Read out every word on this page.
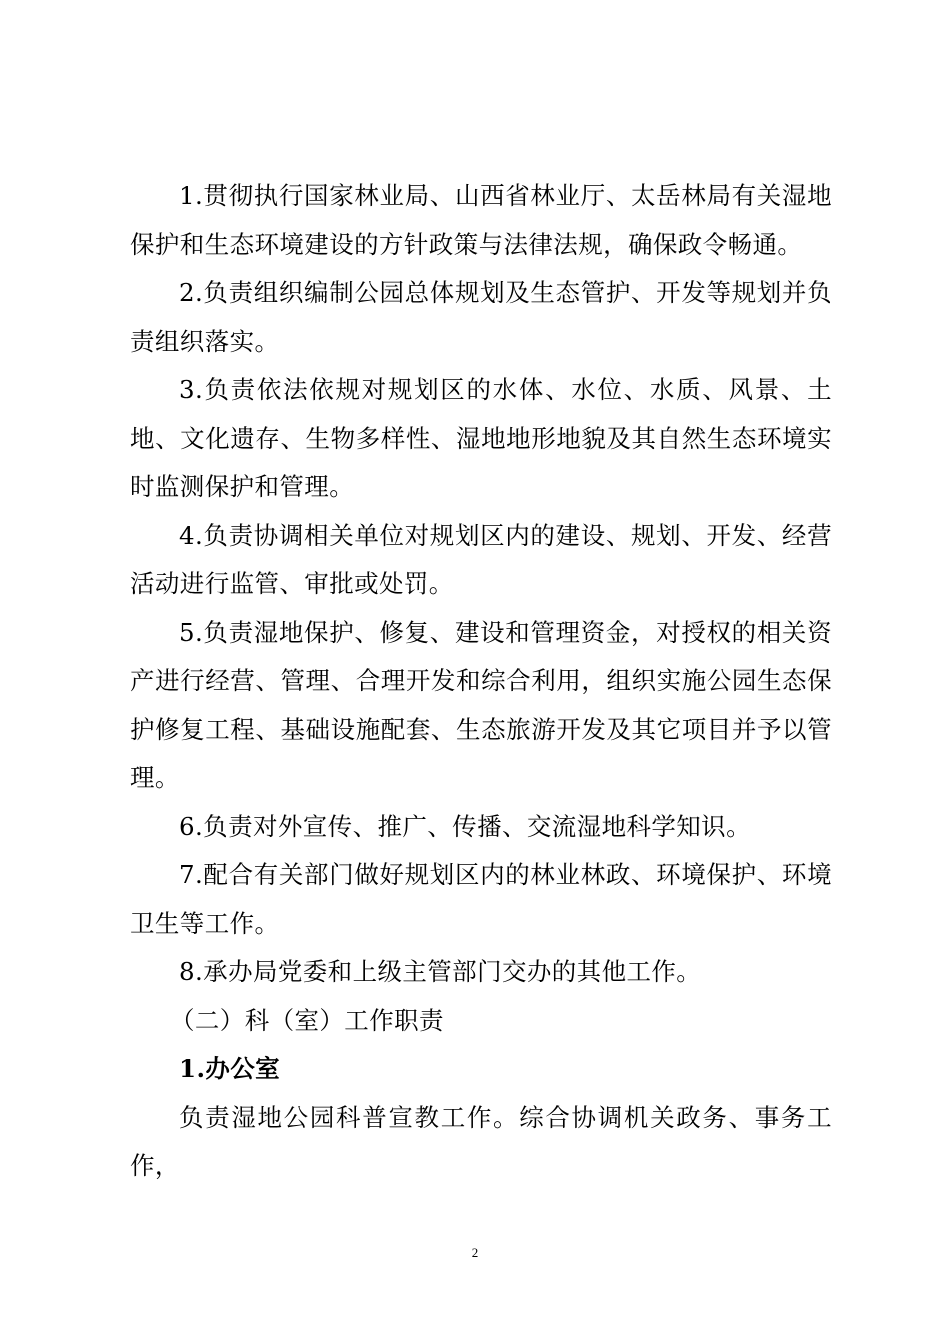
1.贯彻执行国家林业局、山西省林业厅、太岳林局有关湿地保护和生态环境建设的方针政策与法律法规，确保政令畅通。

2.负责组织编制公园总体规划及生态管护、开发等规划并负责组织落实。

3.负责依法依规对规划区的水体、水位、水质、风景、土地、文化遗存、生物多样性、湿地地形地貌及其自然生态环境实时监测保护和管理。

4.负责协调相关单位对规划区内的建设、规划、开发、经营活动进行监管、审批或处罚。

5.负责湿地保护、修复、建设和管理资金，对授权的相关资产进行经营、管理、合理开发和综合利用，组织实施公园生态保护修复工程、基础设施配套、生态旅游开发及其它项目并予以管理。

6.负责对外宣传、推广、传播、交流湿地科学知识。

7.配合有关部门做好规划区内的林业林政、环境保护、环境卫生等工作。

8.承办局党委和上级主管部门交办的其他工作。

（二）科（室）工作职责

1.办公室

负责湿地公园科普宣教工作。综合协调机关政务、事务工作，

2
